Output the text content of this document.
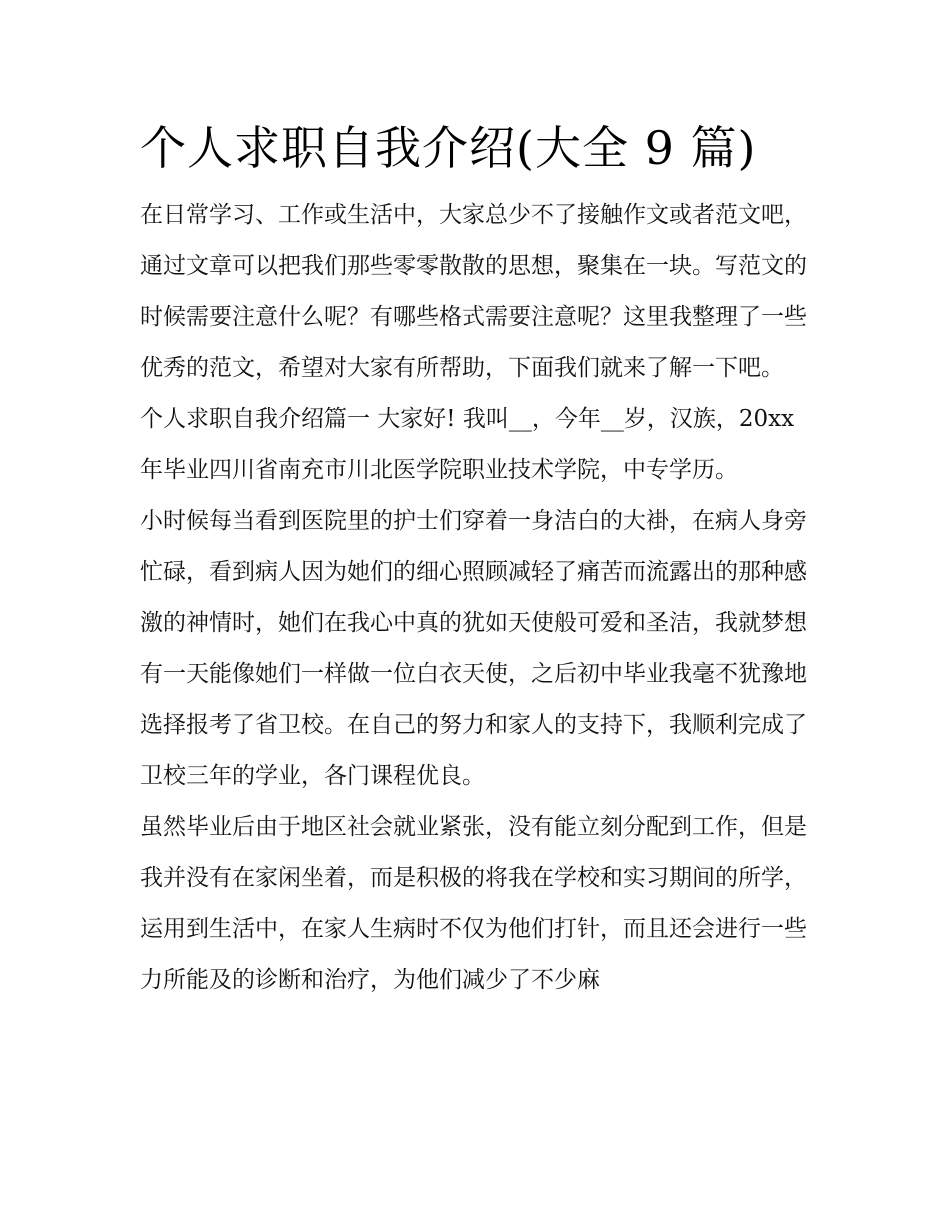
个人求职自我介绍(大全 9 篇)

在日常学习、工作或生活中，大家总少不了接触作文或者范文吧，通过文章可以把我们那些零零散散的思想，聚集在一块。写范文的时候需要注意什么呢？有哪些格式需要注意呢？这里我整理了一些优秀的范文，希望对大家有所帮助，下面我们就来了解一下吧。

个人求职自我介绍篇一 大家好! 我叫__，今年__岁，汉族，20xx 年毕业四川省南充市川北医学院职业技术学院，中专学历。

小时候每当看到医院里的护士们穿着一身洁白的大褂，在病人身旁忙碌，看到病人因为她们的细心照顾减轻了痛苦而流露出的那种感激的神情时，她们在我心中真的犹如天使般可爱和圣洁，我就梦想有一天能像她们一样做一位白衣天使，之后初中毕业我毫不犹豫地选择报考了省卫校。在自己的努力和家人的支持下，我顺利完成了卫校三年的学业，各门课程优良。

虽然毕业后由于地区社会就业紧张，没有能立刻分配到工作，但是我并没有在家闲坐着，而是积极的将我在学校和实习期间的所学，运用到生活中，在家人生病时不仅为他们打针，而且还会进行一些力所能及的诊断和治疗，为他们减少了不少麻
